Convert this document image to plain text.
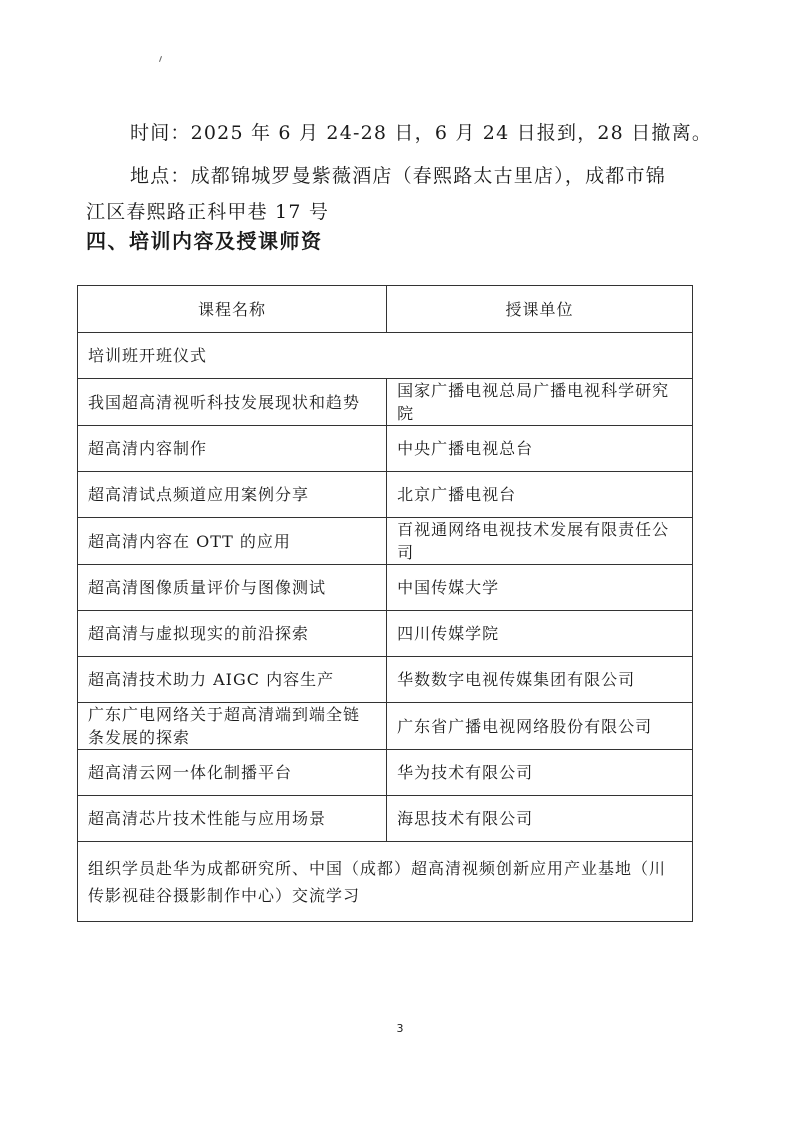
时间：2025 年 6 月 24-28 日，6 月 24 日报到，28 日撤离。
地点：成都锦城罗曼紫薇酒店（春熙路太古里店），成都市锦
江区春熙路正科甲巷 17 号
四、培训内容及授课师资
课程名称	授课单位
培训班开班仪式	
我国超高清视听科技发展现状和趋势	国家广播电视总局广播电视科学研究院
超高清内容制作	中央广播电视总台
超高清试点频道应用案例分享	北京广播电视台
超高清内容在 OTT 的应用	百视通网络电视技术发展有限责任公司
超高清图像质量评价与图像测试	中国传媒大学
超高清与虚拟现实的前沿探索	四川传媒学院
超高清技术助力 AIGC 内容生产	华数数字电视传媒集团有限公司
广东广电网络关于超高清端到端全链条发展的探索	广东省广播电视网络股份有限公司
超高清云网一体化制播平台	华为技术有限公司
超高清芯片技术性能与应用场景	海思技术有限公司
组织学员赴华为成都研究所、中国（成都）超高清视频创新应用产业基地（川传影视硅谷摄影制作中心）交流学习	
3
